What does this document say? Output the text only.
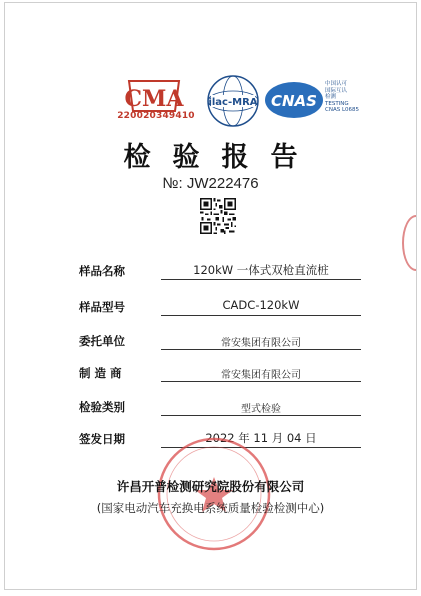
CMA
220020349410
ilac-MRA CNAS
中国认可
国际互认
检测
TESTING
CNAS L0685
检验报告
№: JW222476
样品名称	120kW 一体式双枪直流桩
样品型号	CADC-120kW
委托单位	常安集团有限公司
制 造 商	常安集团有限公司
检验类别	型式检验
签发日期	2022 年 11 月 04 日
许昌开普检测研究院股份有限公司
(国家电动汽车充换电系统质量检验检测中心)
